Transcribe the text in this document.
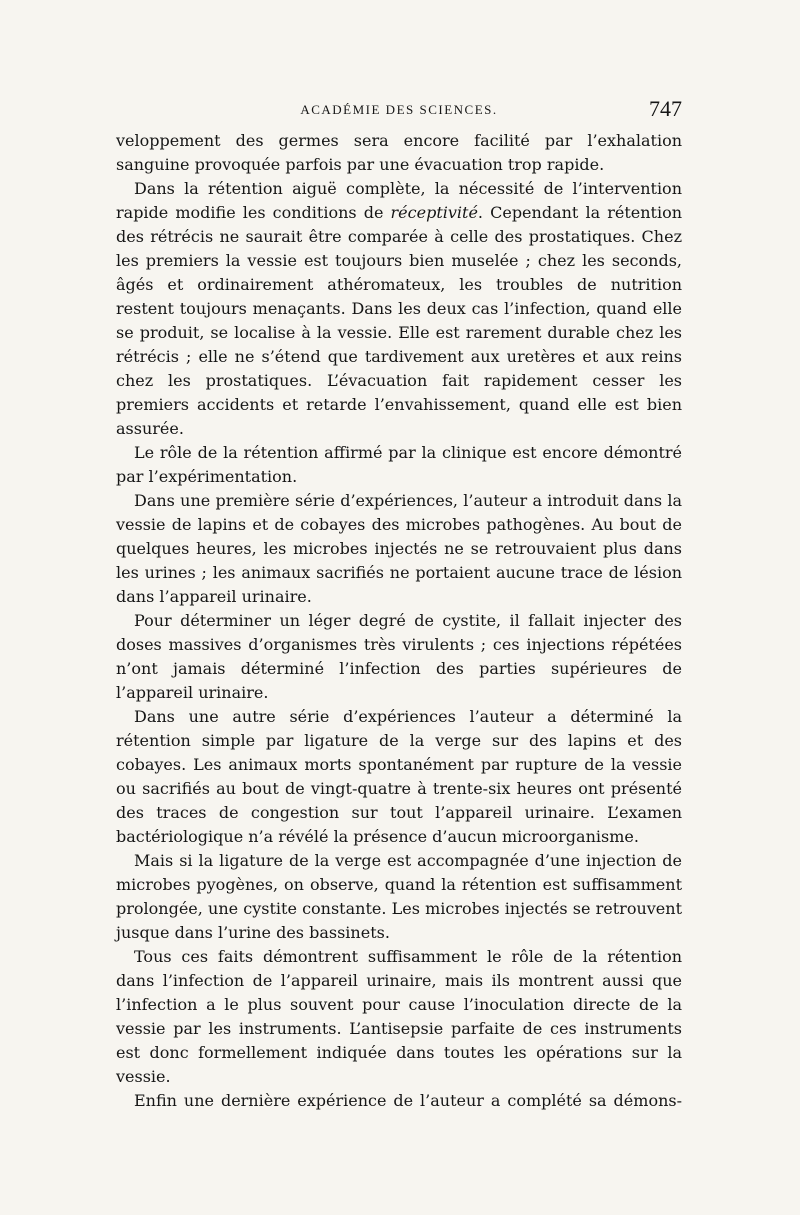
ACADÉMIE DES SCIENCES.	747

veloppement des germes sera encore facilité par l’exhalation sanguine provoquée parfois par une évacuation trop rapide.

Dans la rétention aiguë complète, la nécessité de l’intervention rapide modifie les conditions de réceptivité. Cependant la rétention des rétrécis ne saurait être comparée à celle des prostatiques. Chez les premiers la vessie est toujours bien muselée ; chez les seconds, âgés et ordinairement athéromateux, les troubles de nutrition restent toujours menaçants. Dans les deux cas l’infection, quand elle se produit, se localise à la vessie. Elle est rarement durable chez les rétrécis ; elle ne s’étend que tardivement aux uretères et aux reins chez les prostatiques. L’évacuation fait rapidement cesser les premiers accidents et retarde l’envahissement, quand elle est bien assurée.

Le rôle de la rétention affirmé par la clinique est encore démontré par l’expérimentation.

Dans une première série d’expériences, l’auteur a introduit dans la vessie de lapins et de cobayes des microbes pathogènes. Au bout de quelques heures, les microbes injectés ne se retrouvaient plus dans les urines ; les animaux sacrifiés ne portaient aucune trace de lésion dans l’appareil urinaire.

Pour déterminer un léger degré de cystite, il fallait injecter des doses massives d’organismes très virulents ; ces injections répétées n’ont jamais déterminé l’infection des parties supérieures de l’appareil urinaire.

Dans une autre série d’expériences l’auteur a déterminé la rétention simple par ligature de la verge sur des lapins et des cobayes. Les animaux morts spontanément par rupture de la vessie ou sacrifiés au bout de vingt-quatre à trente-six heures ont présenté des traces de congestion sur tout l’appareil urinaire. L’examen bactériologique n’a révélé la présence d’aucun microorganisme.

Mais si la ligature de la verge est accompagnée d’une injection de microbes pyogènes, on observe, quand la rétention est suffisamment prolongée, une cystite constante. Les microbes injectés se retrouvent jusque dans l’urine des bassinets.

Tous ces faits démontrent suffisamment le rôle de la rétention dans l’infection de l’appareil urinaire, mais ils montrent aussi que l’infection a le plus souvent pour cause l’inoculation directe de la vessie par les instruments. L’antisepsie parfaite de ces instruments est donc formellement indiquée dans toutes les opérations sur la vessie.

Enfin une dernière expérience de l’auteur a complété sa démons-
